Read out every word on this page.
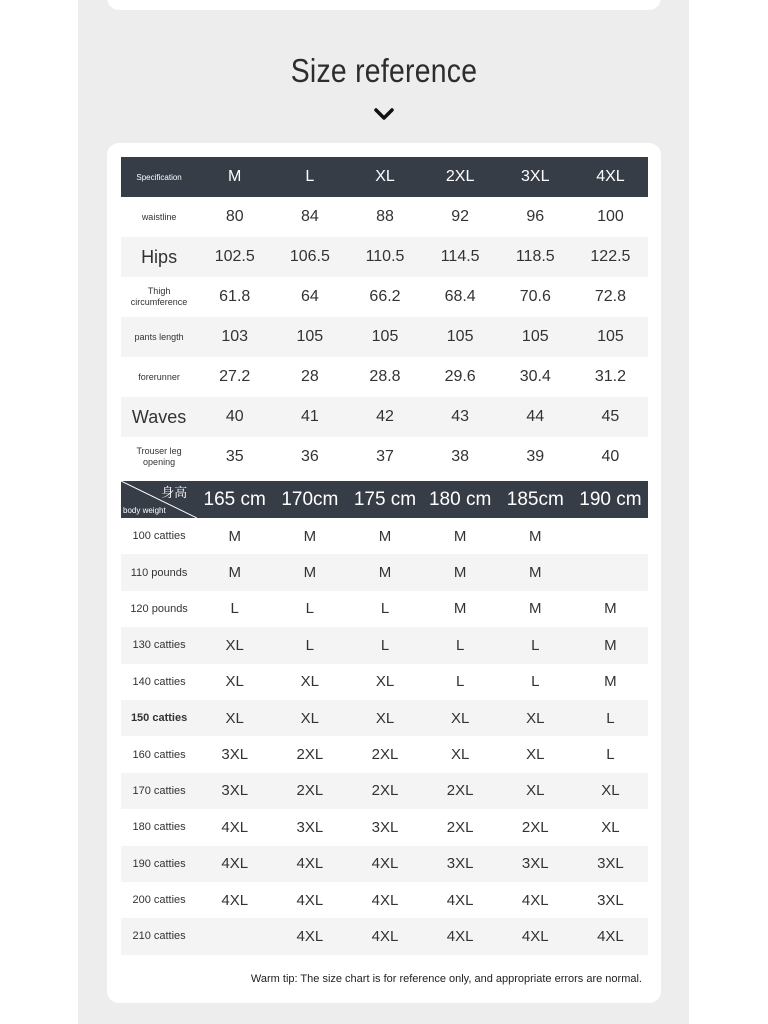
Size reference
Specification	M	L	XL	2XL	3XL	4XL
waistline	80	84	88	92	96	100
Hips	102.5	106.5	110.5	114.5	118.5	122.5
Thigh circumference	61.8	64	66.2	68.4	70.6	72.8
pants length	103	105	105	105	105	105
forerunner	27.2	28	28.8	29.6	30.4	31.2
Waves	40	41	42	43	44	45
Trouser leg opening	35	36	37	38	39	40
身高
body weight	165 cm	170cm	175 cm	180 cm	185cm	190 cm
100 catties	M	M	M	M	M	
110 pounds	M	M	M	M	M	
120 pounds	L	L	L	M	M	M
130 catties	XL	L	L	L	L	M
140 catties	XL	XL	XL	L	L	M
150 catties	XL	XL	XL	XL	XL	L
160 catties	3XL	2XL	2XL	XL	XL	L
170 catties	3XL	2XL	2XL	2XL	XL	XL
180 catties	4XL	3XL	3XL	2XL	2XL	XL
190 catties	4XL	4XL	4XL	3XL	3XL	3XL
200 catties	4XL	4XL	4XL	4XL	4XL	3XL
210 catties		4XL	4XL	4XL	4XL	4XL
Warm tip: The size chart is for reference only, and appropriate errors are normal.
